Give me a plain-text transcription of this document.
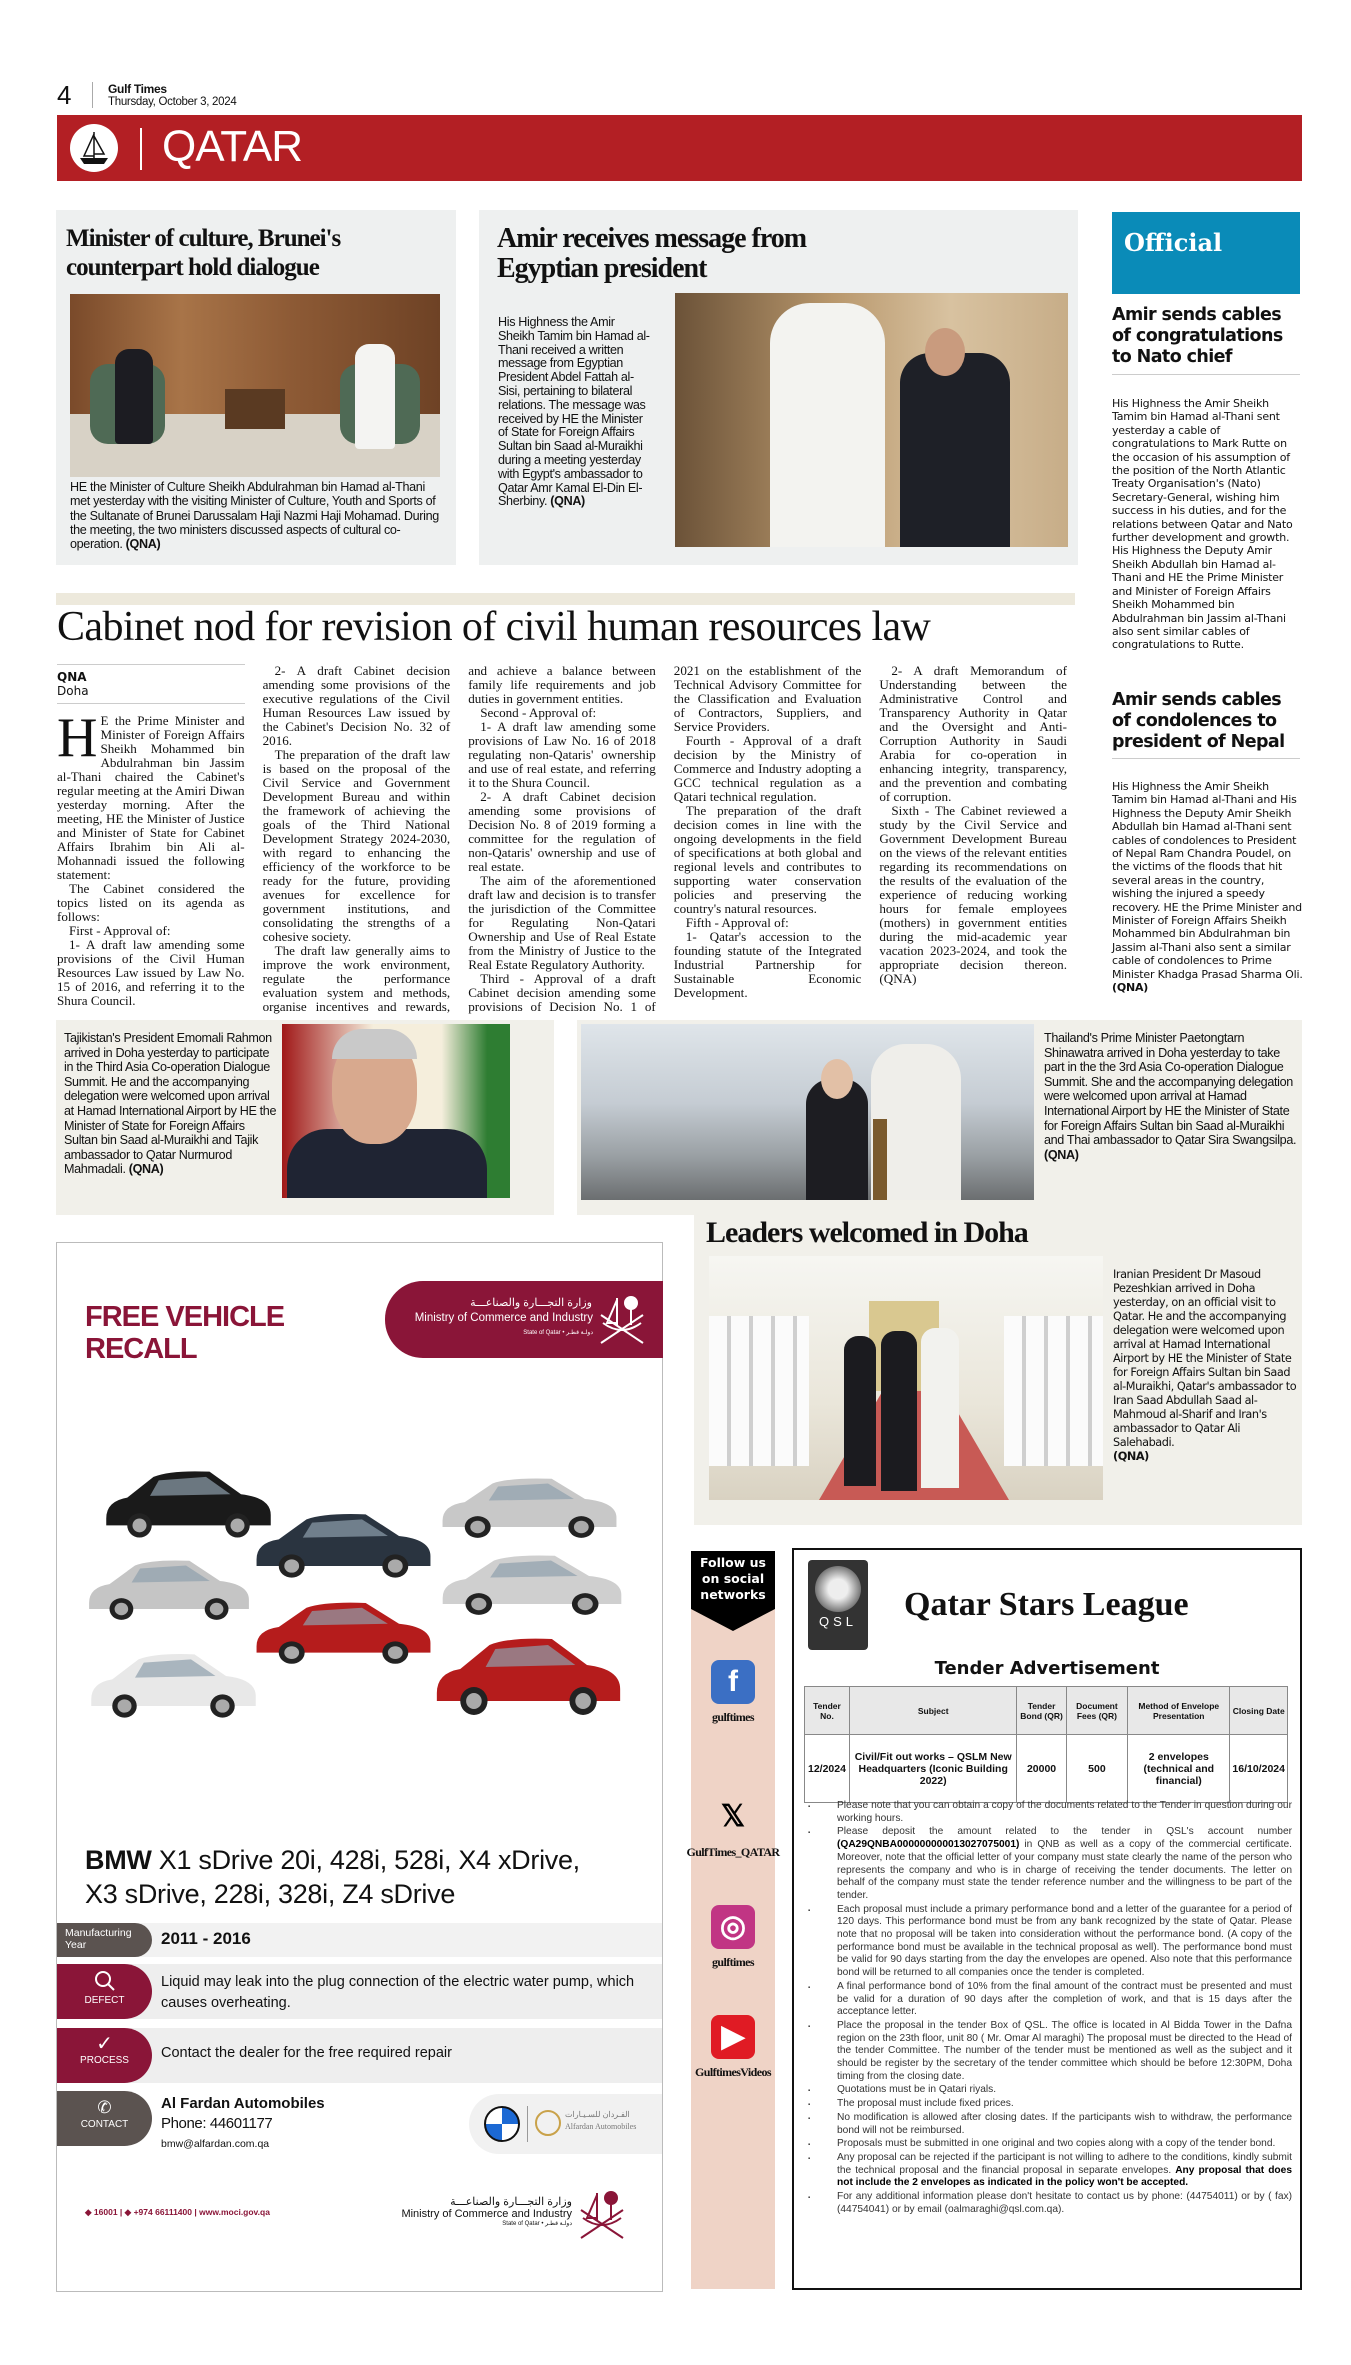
4	Gulf Times
Thursday, October 3, 2024
QATAR
Minister of culture, Brunei's counterpart hold dialogue
HE the Minister of Culture Sheikh Abdulrahman bin Hamad al-Thani met yesterday with the visiting Minister of Culture, Youth and Sports of the Sultanate of Brunei Darussalam Haji Nazmi Haji Mohamad. During the meeting, the two ministers discussed aspects of cultural co-operation. (QNA)
Amir receives message from Egyptian president
His Highness the Amir Sheikh Tamim bin Hamad al-Thani received a written message from Egyptian President Abdel Fattah al-Sisi, pertaining to bilateral relations. The message was received by HE the Minister of State for Foreign Affairs Sultan bin Saad al-Muraikhi during a meeting yesterday with Egypt's ambassador to Qatar Amr Kamal El-Din El-Sherbiny. (QNA)
Official
Amir sends cables of congratulations to Nato chief
His Highness the Amir Sheikh Tamim bin Hamad al-Thani sent yesterday a cable of congratulations to Mark Rutte on the occasion of his assumption of the position of the North Atlantic Treaty Organisation's (Nato) Secretary-General, wishing him success in his duties, and for the relations between Qatar and Nato further development and growth. His Highness the Deputy Amir Sheikh Abdullah bin Hamad al-Thani and HE the Prime Minister and Minister of Foreign Affairs Sheikh Mohammed bin Abdulrahman bin Jassim al-Thani also sent similar cables of congratulations to Rutte.
Amir sends cables of condolences to president of Nepal
His Highness the Amir Sheikh Tamim bin Hamad al-Thani and His Highness the Deputy Amir Sheikh Abdullah bin Hamad al-Thani sent cables of condolences to President of Nepal Ram Chandra Poudel, on the victims of the floods that hit several areas in the country, wishing the injured a speedy recovery. HE the Prime Minister and Minister of Foreign Affairs Sheikh Mohammed bin Abdulrahman bin Jassim al-Thani also sent a similar cable of condolences to Prime Minister Khadga Prasad Sharma Oli. (QNA)
Cabinet nod for revision of civil human resources law
QNA
Doha

HE the Prime Minister and Minister of Foreign Affairs Sheikh Mohammed bin Abdulrahman bin Jassim al-Thani chaired the Cabinet's regular meeting at the Amiri Diwan yesterday morning. After the meeting, HE the Minister of Justice and Minister of State for Cabinet Affairs Ibrahim bin Ali al-Mohannadi issued the following statement:

The Cabinet considered the topics listed on its agenda as follows:

First - Approval of:

1- A draft law amending some provisions of the Civil Human Resources Law issued by Law No. 15 of 2016, and referring it to the Shura Council.

2- A draft Cabinet decision amending some provisions of the executive regulations of the Civil Human Resources Law issued by the Cabinet's Decision No. 32 of 2016.

The preparation of the draft law is based on the proposal of the Civil Service and Government Development Bureau and within the framework of achieving the goals of the Third National Development Strategy 2024-2030, with regard to enhancing the efficiency of the workforce to be ready for the future, providing avenues for excellence for government institutions, and consolidating the strengths of a cohesive society.

The draft law generally aims to improve the work environment, regulate the performance evaluation system and methods, organise incentives and rewards, and achieve a balance between family life requirements and job duties in government entities.

Second - Approval of:

1- A draft law amending some provisions of Law No. 16 of 2018 regulating non-Qataris' ownership and use of real estate, and referring it to the Shura Council.

2- A draft Cabinet decision amending some provisions of Decision No. 8 of 2019 forming a committee for the regulation of non-Qataris' ownership and use of real estate.

The aim of the aforementioned draft law and decision is to transfer the jurisdiction of the Committee for Regulating Non-Qatari Ownership and Use of Real Estate from the Ministry of Justice to the Real Estate Regulatory Authority.

Third - Approval of a draft Cabinet decision amending some provisions of Decision No. 1 of 2021 on the establishment of the Technical Advisory Committee for the Classification and Evaluation of Contractors, Suppliers, and Service Providers.

Fourth - Approval of a draft decision by the Ministry of Commerce and Industry adopting a GCC technical regulation as a Qatari technical regulation.

The preparation of the draft decision comes in line with the ongoing developments in the field of specifications at both global and regional levels and contributes to supporting water conservation policies and preserving the country's natural resources.

Fifth - Approval of:

1- Qatar's accession to the founding statute of the Integrated Industrial Partnership for Sustainable Economic Development.

2- A draft Memorandum of Understanding between the Administrative Control and Transparency Authority in Qatar and the Oversight and Anti-Corruption Authority in Saudi Arabia for co-operation in enhancing integrity, transparency, and the prevention and combating of corruption.

Sixth - The Cabinet reviewed a study by the Civil Service and Government Development Bureau on the views of the relevant entities regarding its recommendations on the results of the evaluation of the experience of reducing working hours for female employees (mothers) in government entities during the mid-academic year vacation 2023-2024, and took the appropriate decision thereon. (QNA)

Tajikistan's President Emomali Rahmon arrived in Doha yesterday to participate in the Third Asia Co-operation Dialogue Summit. He and the accompanying delegation were welcomed upon arrival at Hamad International Airport by HE the Minister of State for Foreign Affairs Sultan bin Saad al-Muraikhi and Tajik ambassador to Qatar Nurmurod Mahmadali. (QNA)
Thailand's Prime Minister Paetongtarn Shinawatra arrived in Doha yesterday to take part in the the 3rd Asia Co-operation Dialogue Summit. She and the accompanying delegation were welcomed upon arrival at Hamad International Airport by HE the Minister of State for Foreign Affairs Sultan bin Saad al-Muraikhi and Thai ambassador to Qatar Sira Swangsilpa. (QNA)
Leaders welcomed in Doha
Iranian President Dr Masoud Pezeshkian arrived in Doha yesterday, on an official visit to Qatar. He and the accompanying delegation were welcomed upon arrival at Hamad International Airport by HE the Minister of State for Foreign Affairs Sultan bin Saad al-Muraikhi, Qatar's ambassador to Iran Saad Abdullah Saad al-Mahmoud al-Sharif and Iran's ambassador to Qatar Ali Salehabadi.
(QNA)
FREE VEHICLE
RECALL
وزارة التجـــارة والصناعـــة
Ministry of Commerce and Industry
State of Qatar • دولـة قطـر
BMW X1 sDrive 20i, 428i, 528i, X4 xDrive,
X3 sDrive, 228i, 328i, Z4 sDrive
Manufacturing Year	2011 - 2016
DEFECT
Liquid may leak into the plug connection of the electric water pump, which causes overheating.
✓
PROCESS	Contact the dealer for the free required repair
✆
CONTACT
Al Fardan Automobiles
Phone: 44601177
bmw@alfardan.com.qa
الفـردان للسـيـارات
Alfardan Automobiles
◆ 16001 | ◆ +974 66111400 | www.moci.gov.qa
وزارة التجـــارة والصناعـــة
Ministry of Commerce and Industry
State of Qatar • دولـة قطـر
Follow us on social networks
f
gulftimes
𝕏
GulfTimes_QATAR
◎
gulftimes
▶
GulftimesVideos
QSL	Qatar Stars League
Tender Advertisement
Tender No.	Subject	Tender Bond (QR)	Document Fees (QR)	Method of Envelope Presentation	Closing Date
12/2024	Civil/Fit out works – QSLM New Headquarters (Iconic Building 2022)	20000	500	2 envelopes (technical and financial)	16/10/2024
▪ Please note that you can obtain a copy of the documents related to the Tender in question during our working hours.
▪ Please deposit the amount related to the tender in QSL's account number (QA29QNBA000000000013027075001) in QNB as well as a copy of the commercial certificate. Moreover, note that the official letter of your company must state clearly the name of the person who represents the company and who is in charge of receiving the tender documents. The letter on behalf of the company must state the tender reference number and the willingness to be part of the tender.
▪ Each proposal must include a primary performance bond and a letter of the guarantee for a period of 120 days. This performance bond must be from any bank recognized by the state of Qatar. Please note that no proposal will be taken into consideration without the performance bond. (A copy of the performance bond must be available in the technical proposal as well). The performance bond must be valid for 90 days starting from the day the envelopes are opened. Also note that this performance bond will be returned to all companies once the tender is completed.
▪ A final performance bond of 10% from the final amount of the contract must be presented and must be valid for a duration of 90 days after the completion of work, and that is 15 days after the acceptance letter.
▪ Place the proposal in the tender Box of QSL. The office is located in Al Bidda Tower in the Dafna region on the 23th floor, unit 80 ( Mr. Omar Al maraghi) The proposal must be directed to the Head of the tender Committee. The number of the tender must be mentioned as well as the subject and it should be register by the secretary of the tender committee which should be before 12:30PM, Doha timing from the closing date.
▪ Quotations must be in Qatari riyals.
▪ The proposal must include fixed prices.
▪ No modification is allowed after closing dates. If the participants wish to withdraw, the performance bond will not be reimbursed.
▪ Proposals must be submitted in one original and two copies along with a copy of the tender bond.
▪ Any proposal can be rejected if the participant is not willing to adhere to the conditions, kindly submit the technical proposal and the financial proposal in separate envelopes. Any proposal that does not include the 2 envelopes as indicated in the policy won't be accepted.
▪ For any additional information please don't hesitate to contact us by phone: (44754011) or by ( fax) (44754041) or by email (oalmaraghi@qsl.com.qa).
